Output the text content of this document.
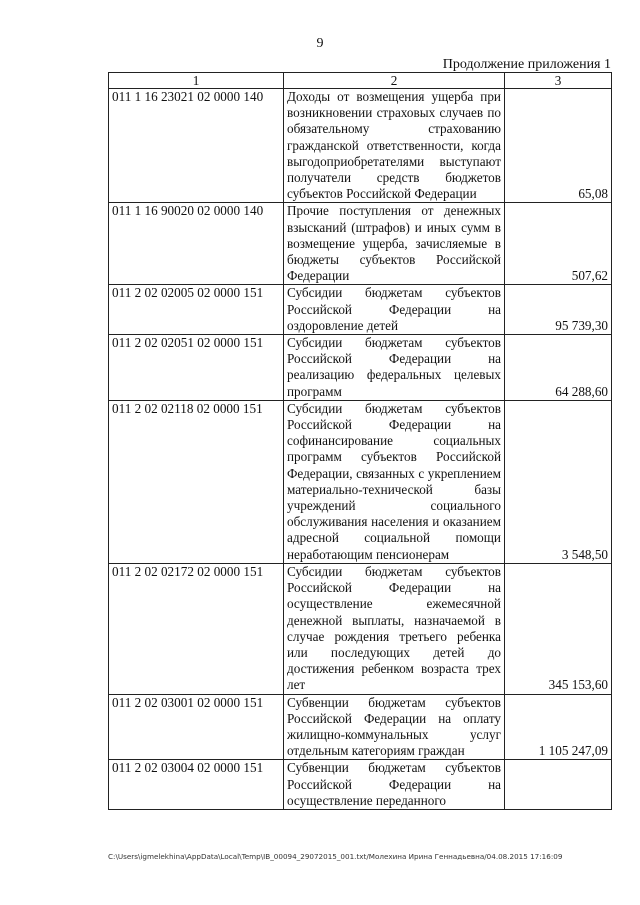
9
Продолжение приложения 1
1	2	3
011 1 16 23021 02 0000 140	Доходы от возмещения ущерба при возникновении страховых случаев по обязательному страхованию гражданской ответственности, когда выгодоприобретателями выступают получатели средств бюджетов субъектов Российской Федерации	65,08
011 1 16 90020 02 0000 140	Прочие поступления от денежных взысканий (штрафов) и иных сумм в возмещение ущерба, зачисляемые в бюджеты субъектов Российской Федерации	507,62
011 2 02 02005 02 0000 151	Субсидии бюджетам субъектов Российской Федерации на оздоровление детей	95 739,30
011 2 02 02051 02 0000 151	Субсидии бюджетам субъектов Российской Федерации на реализацию федеральных целевых программ	64 288,60
011 2 02 02118 02 0000 151	Субсидии бюджетам субъектов Российской Федерации на софинансирование социальных программ субъектов Российской Федерации, связанных с укреплением материально-технической базы учреждений социального обслуживания населения и оказанием адресной социальной помощи неработающим пенсионерам	3 548,50
011 2 02 02172 02 0000 151	Субсидии бюджетам субъектов Российской Федерации на осуществление ежемесячной денежной выплаты, назначаемой в случае рождения третьего ребенка или последующих детей до достижения ребенком возраста трех лет	345 153,60
011 2 02 03001 02 0000 151	Субвенции бюджетам субъектов Российской Федерации на оплату жилищно-коммунальных услуг отдельным категориям граждан	1 105 247,09
011 2 02 03004 02 0000 151	Субвенции бюджетам субъектов Российской Федерации на осуществление переданного	
C:\Users\igmelekhina\AppData\Local\Temp\IB_00094_29072015_001.txt/Молехина Ирина Геннадьевна/04.08.2015 17:16:09
